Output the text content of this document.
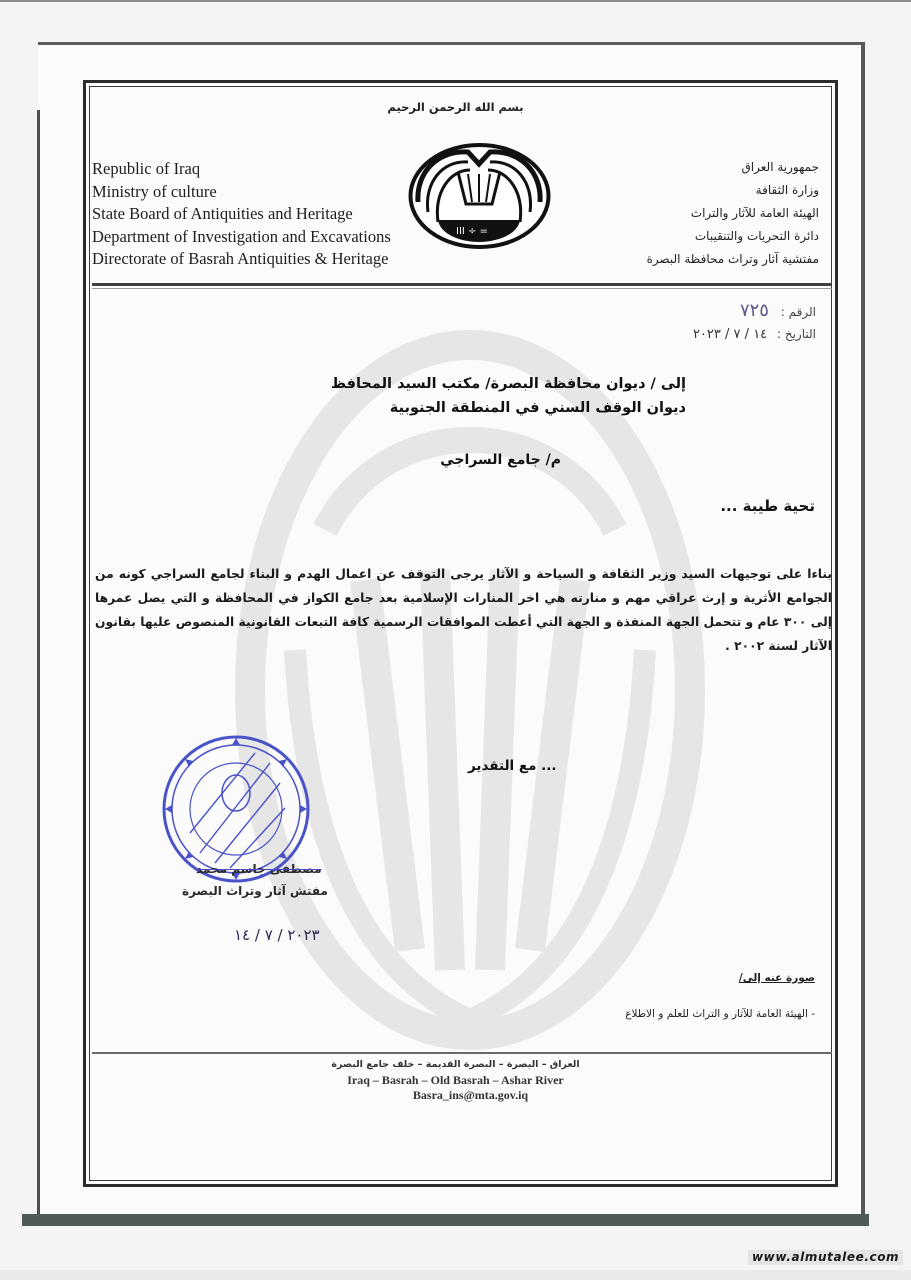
بسم الله الرحمن الرحيم
Republic of Iraq
Ministry of culture
State Board of Antiquities and Heritage
Department of Investigation and Excavations
Directorate of Basrah Antiquities & Heritage
III ÷ =
جمهورية العراق
وزارة الثقافة
الهيئة العامة للآثار والتراث
دائرة التحريات والتنقيبات
مفتشية آثار وتراث محافظة البصرة
الرقم : ٧٢٥
التاريخ : ١٤ / ٧ / ٢٠٢٣
إلى / ديوان محافظة البصرة/ مكتب السيد المحافظ
ديوان الوقف السني في المنطقة الجنوبية
م/ جامع السراجي
تحية طيبة ...
بناءا على توجيهات السيد وزير الثقافة و السياحة و الآثار يرجى التوقف عن اعمال الهدم و البناء لجامع السراجي كونه من الجوامع الأثرية و إرث عراقي مهم و منارته هي اخر المنارات الإسلامية بعد جامع الكواز في المحافظة و التي يصل عمرها إلى ٣٠٠ عام و تتحمل الجهة المنفذة و الجهة التي أعطت الموافقات الرسمية كافة التبعات القانونية المنصوص عليها بقانون الآثار لسنة ٢٠٠٢ .
... مع التقدير
مصطفى جاسم محمد
مفتش آثار وتراث البصرة
٢٠٢٣ / ٧ / ١٤
صورة عنه إلى/
- الهيئة العامة للآثار و التراث للعلم و الاطلاع
العراق – البصرة – البصرة القديمة – خلف جامع البصرة
Iraq – Basrah – Old Basrah – Ashar River
Basra_ins@mta.gov.iq
www.almutalee.com
